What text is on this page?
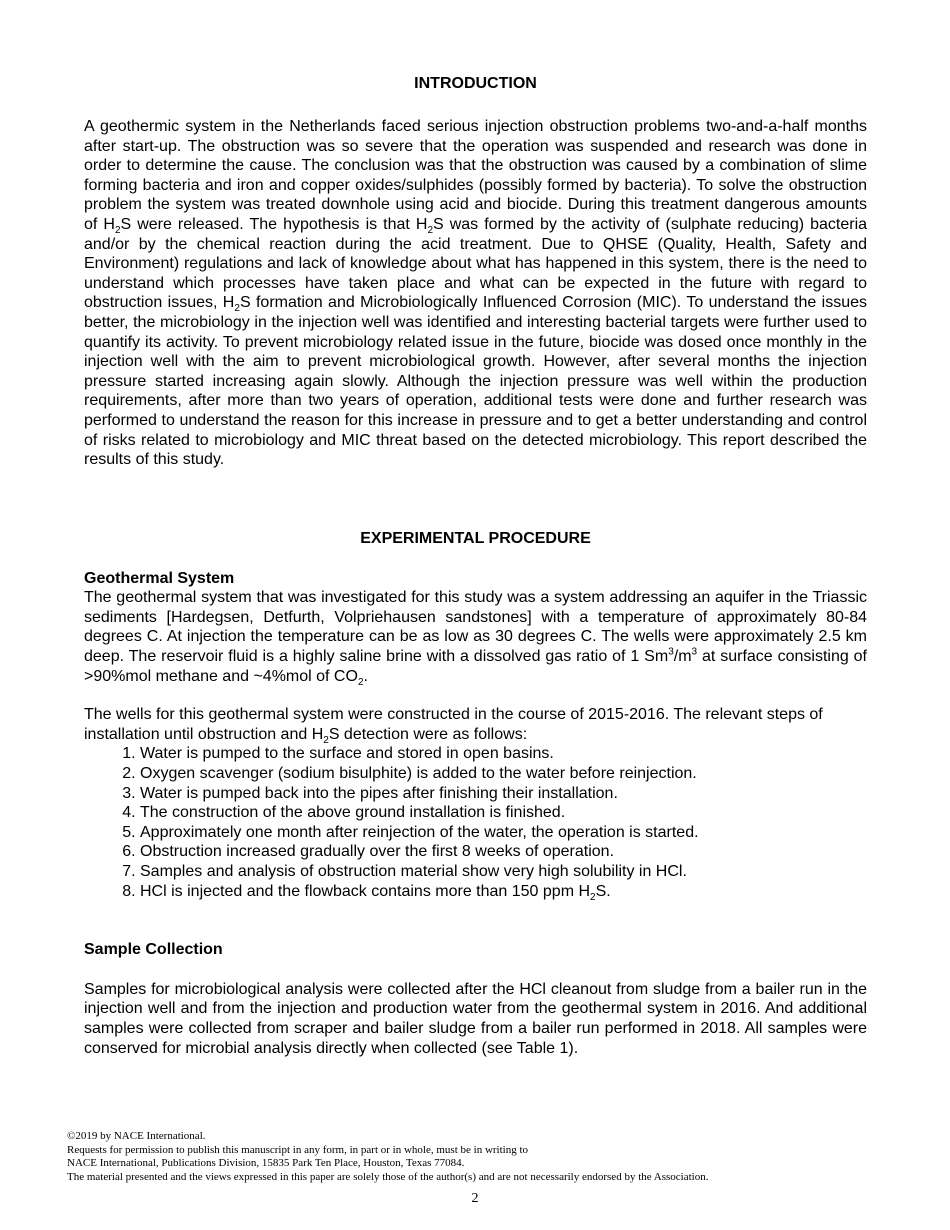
INTRODUCTION

A geothermic system in the Netherlands faced serious injection obstruction problems two-and-a-half months after start-up. The obstruction was so severe that the operation was suspended and research was done in order to determine the cause. The conclusion was that the obstruction was caused by a combination of slime forming bacteria and iron and copper oxides/sulphides (possibly formed by bacteria). To solve the obstruction problem the system was treated downhole using acid and biocide. During this treatment dangerous amounts of $H_2S$ were released. The hypothesis is that $H_2S$ was formed by the activity of (sulphate reducing) bacteria and/or by the chemical reaction during the acid treatment. Due to QHSE (Quality, Health, Safety and Environment) regulations and lack of knowledge about what has happened in this system, there is the need to understand which processes have taken place and what can be expected in the future with regard to obstruction issues, $H_2S$ formation and Microbiologically Influenced Corrosion (MIC). To understand the issues better, the microbiology in the injection well was identified and interesting bacterial targets were further used to quantify its activity. To prevent microbiology related issue in the future, biocide was dosed once monthly in the injection well with the aim to prevent microbiological growth. However, after several months the injection pressure started increasing again slowly. Although the injection pressure was well within the production requirements, after more than two years of operation, additional tests were done and further research was performed to understand the reason for this increase in pressure and to get a better understanding and control of risks related to microbiology and MIC threat based on the detected microbiology. This report described the results of this study.

EXPERIMENTAL PROCEDURE
Geothermal System

The geothermal system that was investigated for this study was a system addressing an aquifer in the Triassic sediments [Hardegsen, Detfurth, Volpriehausen sandstones] with a temperature of approximately 80-84 degrees C. At injection the temperature can be as low as 30 degrees C. The wells were approximately 2.5 km deep. The reservoir fluid is a highly saline brine with a dissolved gas ratio of 1 $Sm^3/m^3$ at surface consisting of >90%mol methane and ~4%mol of $CO_2$.

The wells for this geothermal system were constructed in the course of 2015-2016. The relevant steps of installation until obstruction and $H_2S$ detection were as follows:

1. Water is pumped to the surface and stored in open basins.
2. Oxygen scavenger (sodium bisulphite) is added to the water before reinjection.
3. Water is pumped back into the pipes after finishing their installation.
4. The construction of the above ground installation is finished.
5. Approximately one month after reinjection of the water, the operation is started.
6. Obstruction increased gradually over the first 8 weeks of operation.
7. Samples and analysis of obstruction material show very high solubility in HCl.
8. HCl is injected and the flowback contains more than 150 ppm $H_2S$.
Sample Collection

Samples for microbiological analysis were collected after the HCl cleanout from sludge from a bailer run in the injection well and from the injection and production water from the geothermal system in 2016. And additional samples were collected from scraper and bailer sludge from a bailer run performed in 2018. All samples were conserved for microbial analysis directly when collected (see Table 1).

©2019 by NACE International.
Requests for permission to publish this manuscript in any form, in part or in whole, must be in writing to
NACE International, Publications Division, 15835 Park Ten Place, Houston, Texas 77084.
The material presented and the views expressed in this paper are solely those of the author(s) and are not necessarily endorsed by the Association.
2
